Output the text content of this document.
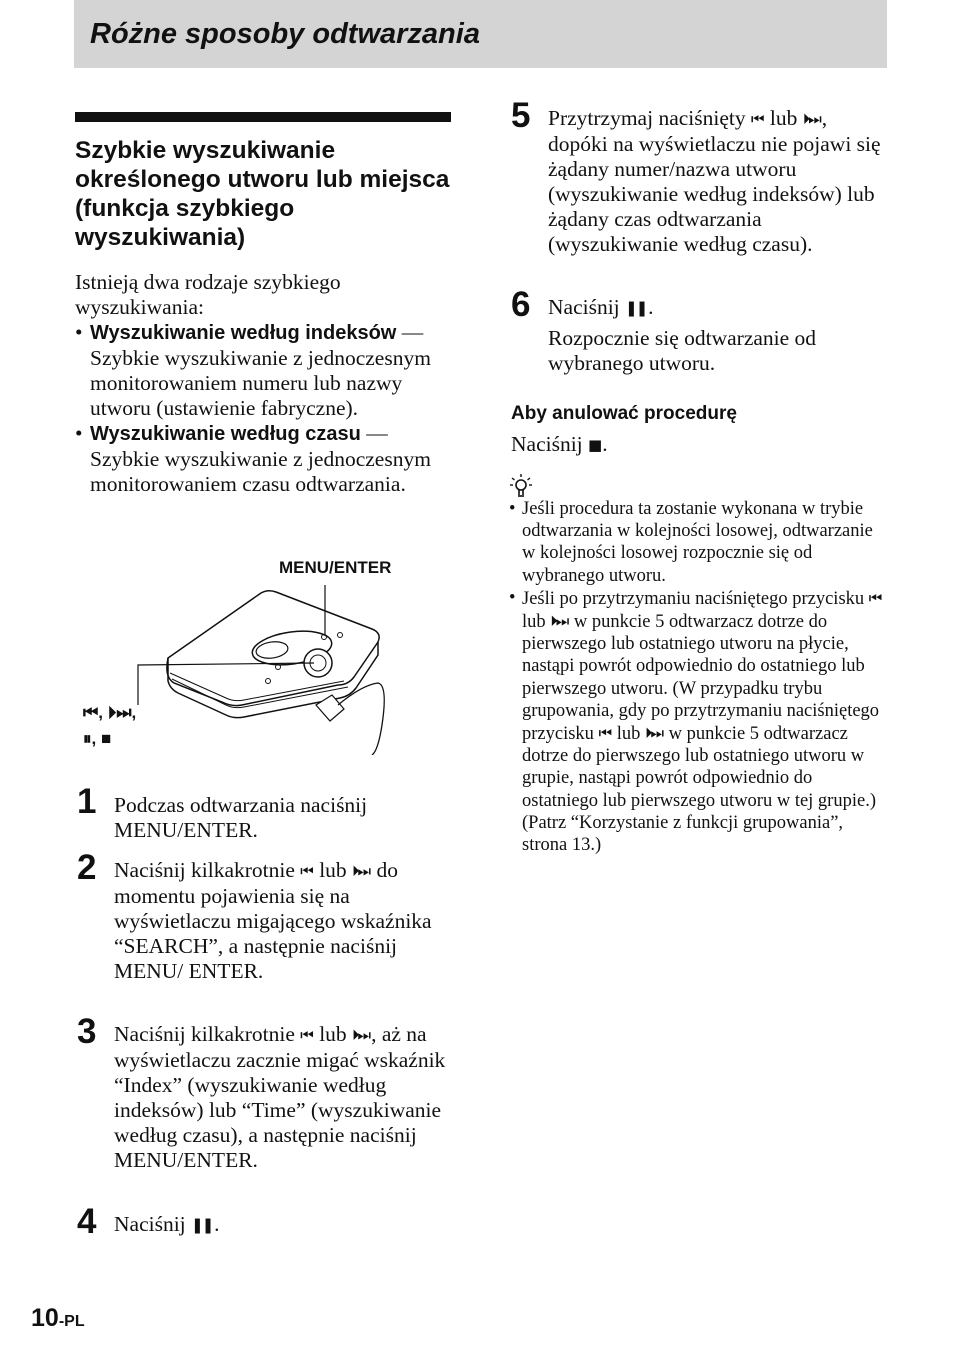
Różne sposoby odtwarzania
Szybkie wyszukiwanie określonego utworu lub miejsca (funkcja szybkiego wyszukiwania)
Istnieją dwa rodzaje szybkiego wyszukiwania:
• Wyszukiwanie według indeksów — Szybkie wyszukiwanie z jednoczesnym monitorowaniem numeru lub nazwy utworu (ustawienie fabryczne).
• Wyszukiwanie według czasu — Szybkie wyszukiwanie z jednoczesnym monitorowaniem czasu odtwarzania.
MENU/ENTER
⏮, ⏵⏭,
⏸, ■
1 Podczas odtwarzania naciśnij MENU/ENTER.
2 Naciśnij kilkakrotnie ⏮ lub ⏵⏭ do momentu pojawienia się na wyświetlaczu migającego wskaźnika “SEARCH”, a następnie naciśnij MENU/ ENTER.
3 Naciśnij kilkakrotnie ⏮ lub ⏵⏭, aż na wyświetlaczu zacznie migać wskaźnik “Index” (wyszukiwanie według indeksów) lub “Time” (wyszukiwanie według czasu), a następnie naciśnij MENU/ENTER.
4 Naciśnij ❚❚.
5 Przytrzymaj naciśnięty ⏮ lub ⏵⏭, dopóki na wyświetlaczu nie pojawi się żądany numer/nazwa utworu (wyszukiwanie według indeksów) lub żądany czas odtwarzania (wyszukiwanie według czasu).
6 Naciśnij ❚❚.
Rozpocznie się odtwarzanie od wybranego utworu.
Aby anulować procedurę
Naciśnij ■.
• Jeśli procedura ta zostanie wykonana w trybie odtwarzania w kolejności losowej, odtwarzanie w kolejności losowej rozpocznie się od wybranego utworu.
• Jeśli po przytrzymaniu naciśniętego przycisku ⏮ lub ⏵⏭ w punkcie 5 odtwarzacz dotrze do pierwszego lub ostatniego utworu na płycie, nastąpi powrót odpowiednio do ostatniego lub pierwszego utworu. (W przypadku trybu grupowania, gdy po przytrzymaniu naciśniętego przycisku ⏮ lub ⏵⏭ w punkcie 5 odtwarzacz dotrze do pierwszego lub ostatniego utworu w grupie, nastąpi powrót odpowiednio do ostatniego lub pierwszego utworu w tej grupie.) (Patrz “Korzystanie z funkcji grupowania”, strona 13.)
10-PL
